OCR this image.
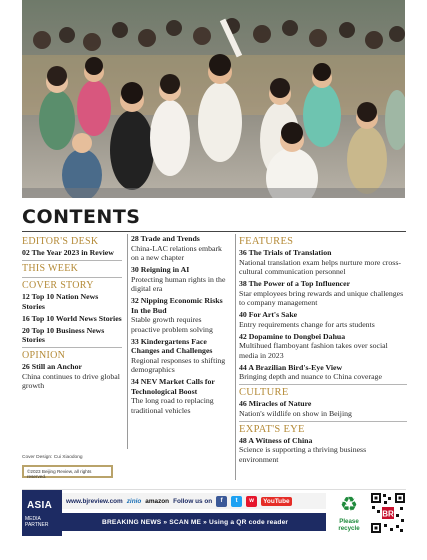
CONTENTS
EDITOR'S DESK
02 The Year 2023 in Review
THIS WEEK
COVER STORY
12 Top 10 Nation News Stories
16 Top 10 World News Stories
20 Top 10 Business News Stories
OPINION
26 Still an Anchor
China continues to drive global growth
28 Trade and Trends
China-LAC relations embark on a new chapter
30 Reigning in AI
Protecting human rights in the digital era
32 Nipping Economic Risks In the Bud
Stable growth requires proactive problem solving
33 Kindergartens Face Changes and Challenges
Regional responses to shifting demographics
34 NEV Market Calls for Technological Boost
The long road to replacing traditional vehicles
FEATURES
36 The Trials of Translation
National translation exam helps nurture more cross-cultural communication personnel
38 The Power of a Top Influencer
Star employees bring rewards and unique challenges to company management
40 For Art's Sake
Entry requirements change for arts students
42 Dopamine to Dongbei Dahua
Multihued flamboyant fashion takes over social media in 2023
44 A Brazilian Bird's-Eye View
Bringing depth and nuance to China coverage
CULTURE
46 Miracles of Nature
Nation's wildlife on show in Beijing
EXPAT'S EYE
48 A Witness of China
Science is supporting a thriving business environment
Cover Design: Cui Xiaodong
©2023 Beijing Review, all rights reserved.
ASIA
MEDIA PARTNER
www.bjreview.com zinio amazon Follow us on	f	t	w	YouTube
BREAKING NEWS » SCAN ME » Using a QR code reader
♻
Please recycle
BR
